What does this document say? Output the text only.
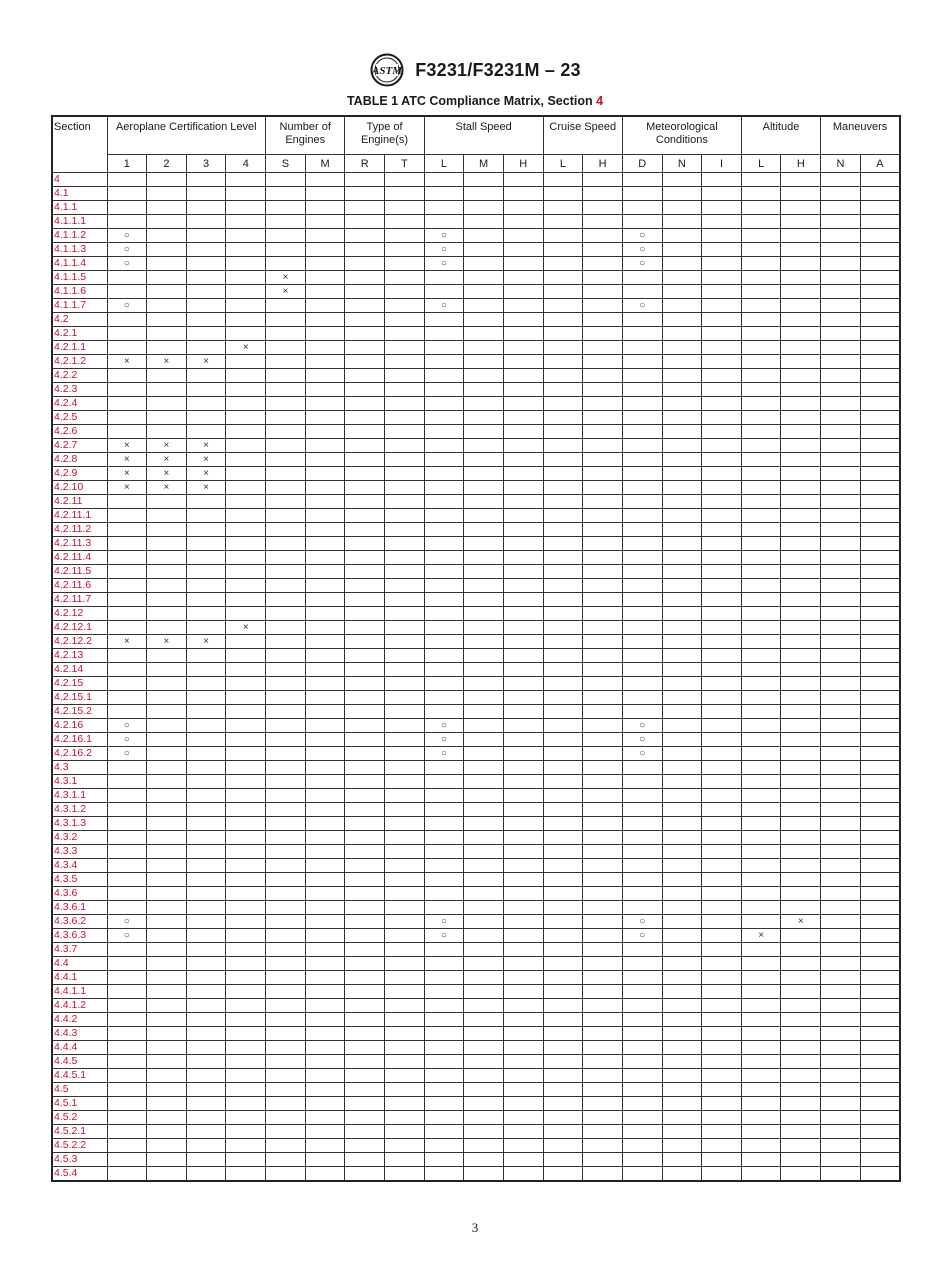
ASTM F3231/F3231M – 23
TABLE 1 ATC Compliance Matrix, Section 4
Section	Aeroplane Certification Level				Number of Engines		Type of Engine(s)		Stall Speed			Cruise Speed		Meteorological Conditions			Altitude		Maneuvers	
	1	2	3	4	S	M	R	T	L	M	H	L	H	D	N	I	L	H	N	A
4																				
4.1																				
4.1.1																				
4.1.1.1																				
4.1.1.2	○								○					○						
4.1.1.3	○								○					○						
4.1.1.4	○								○					○						
4.1.1.5					×															
4.1.1.6					×															
4.1.1.7	○								○					○						
4.2																				
4.2.1																				
4.2.1.1				×																
4.2.1.2	×	×	×																	
4.2.2																				
4.2.3																				
4.2.4																				
4.2.5																				
4.2.6																				
4.2.7	×	×	×																	
4.2.8	×	×	×																	
4.2.9	×	×	×																	
4.2.10	×	×	×																	
4.2.11																				
4.2.11.1																				
4.2.11.2																				
4.2.11.3																				
4.2.11.4																				
4.2.11.5																				
4.2.11.6																				
4.2.11.7																				
4.2.12																				
4.2.12.1				×																
4.2.12.2	×	×	×																	
4.2.13																				
4.2.14																				
4.2.15																				
4.2.15.1																				
4.2.15.2																				
4.2.16	○								○					○						
4.2.16.1	○								○					○						
4.2.16.2	○								○					○						
4.3																				
4.3.1																				
4.3.1.1																				
4.3.1.2																				
4.3.1.3																				
4.3.2																				
4.3.3																				
4.3.4																				
4.3.5																				
4.3.6																				
4.3.6.1																				
4.3.6.2	○								○					○				×		
4.3.6.3	○								○					○			×			
4.3.7																				
4.4																				
4.4.1																				
4.4.1.1																				
4.4.1.2																				
4.4.2																				
4.4.3																				
4.4.4																				
4.4.5																				
4.4.5.1																				
4.5																				
4.5.1																				
4.5.2																				
4.5.2.1																				
4.5.2.2																				
4.5.3																				
4.5.4																				
3
